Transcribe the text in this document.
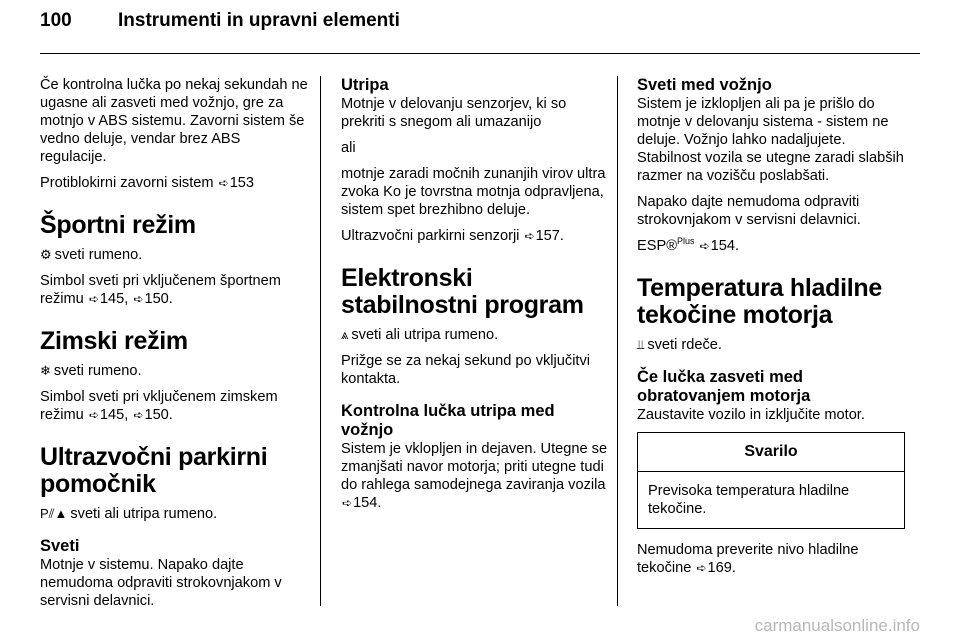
100 Instrumenti in upravni elementi

Če kontrolna lučka po nekaj sekundah ne ugasne ali zasveti med vožnjo, gre za motnjo v ABS sistemu. Zavorni sistem še vedno deluje, vendar brez ABS regulacije.

Protiblokirni zavorni sistem ➪153

Športni režim

⚙ sveti rumeno.

Simbol sveti pri vključenem športnem režimu ➪145, ➪150.

Zimski režim

❄ sveti rumeno.

Simbol sveti pri vključenem zimskem režimu ➪145, ➪150.

Ultrazvočni parkirni pomočnik

P⫽▲ sveti ali utripa rumeno.

Sveti

Motnje v sistemu. Napako dajte nemudoma odpraviti strokovnjakom v servisni delavnici.

Utripa

Motnje v delovanju senzorjev, ki so prekriti s snegom ali umazanijo

ali

motnje zaradi močnih zunanjih virov ultra zvoka Ko je tovrstna motnja odpravljena, sistem spet brezhibno deluje.

Ultrazvočni parkirni senzorji ➪157.

Elektronski stabilnostni program

⩓ sveti ali utripa rumeno.

Prižge se za nekaj sekund po vključitvi kontakta.

Kontrolna lučka utripa med vožnjo

Sistem je vklopljen in dejaven. Utegne se zmanjšati navor motorja; priti utegne tudi do rahlega samodejnega zaviranja vozila ➪154.

Sveti med vožnjo

Sistem je izklopljen ali pa je prišlo do motnje v delovanju sistema - sistem ne deluje. Vožnjo lahko nadaljujete. Stabilnost vozila se utegne zaradi slabših razmer na vozišču poslabšati.

Napako dajte nemudoma odpraviti strokovnjakom v servisni delavnici.

ESP®$^{Plus}$ ➪154.

Temperatura hladilne tekočine motorja

⫫ sveti rdeče.

Če lučka zasveti med obratovanjem motorja

Zaustavite vozilo in izključite motor.

Svarilo
Previsoka temperatura hladilne tekočine.

Nemudoma preverite nivo hladilne tekočine ➪169.

carmanualsonline.info
